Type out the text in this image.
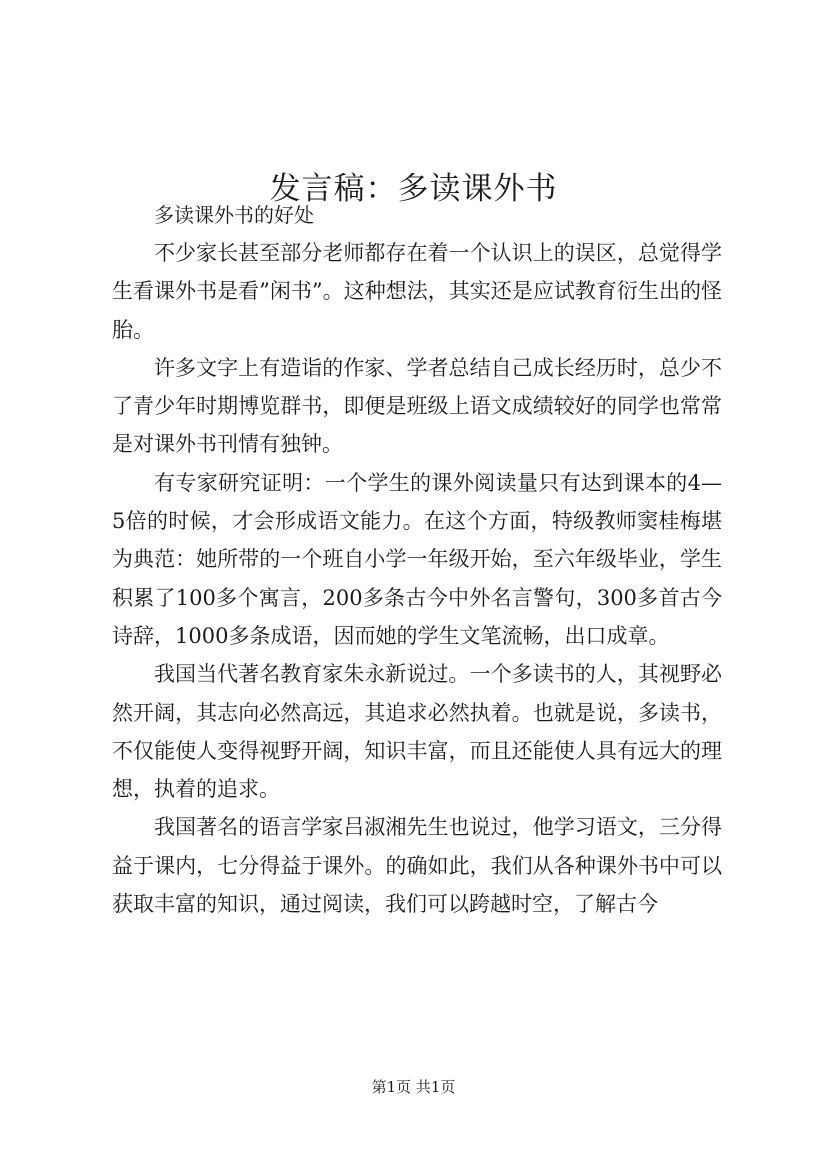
发言稿：多读课外书
多读课外书的好处

不少家长甚至部分老师都存在着一个认识上的误区，总觉得学生看课外书是看”闲书”。这种想法，其实还是应试教育衍生出的怪胎。

许多文字上有造诣的作家、学者总结自己成长经历时，总少不了青少年时期博览群书，即便是班级上语文成绩较好的同学也常常是对课外书刊情有独钟。

有专家研究证明：一个学生的课外阅读量只有达到课本的4—5倍的时候，才会形成语文能力。在这个方面，特级教师窦桂梅堪为典范：她所带的一个班自小学一年级开始，至六年级毕业，学生积累了100多个寓言，200多条古今中外名言警句，300多首古今诗辞，1000多条成语，因而她的学生文笔流畅，出口成章。

我国当代著名教育家朱永新说过。一个多读书的人，其视野必然开阔，其志向必然高远，其追求必然执着。也就是说，多读书，不仅能使人变得视野开阔，知识丰富，而且还能使人具有远大的理想，执着的追求。

我国著名的语言学家吕淑湘先生也说过，他学习语文，三分得益于课内，七分得益于课外。的确如此，我们从各种课外书中可以获取丰富的知识，通过阅读，我们可以跨越时空，了解古今

第1页 共1页
